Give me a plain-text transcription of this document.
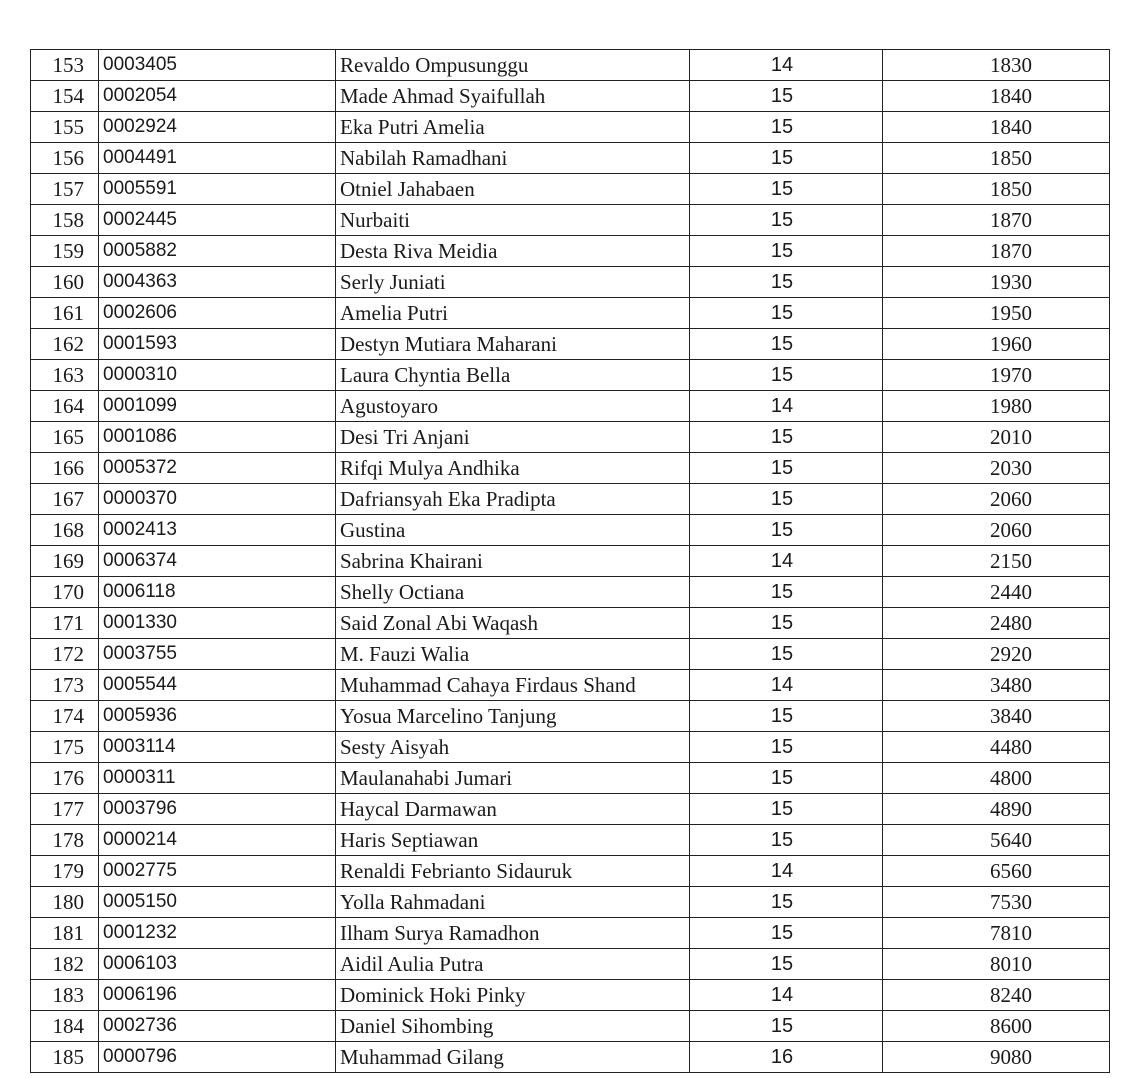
153	0003405	Revaldo Ompusunggu	14	1830
154	0002054	Made Ahmad Syaifullah	15	1840
155	0002924	Eka Putri Amelia	15	1840
156	0004491	Nabilah Ramadhani	15	1850
157	0005591	Otniel Jahabaen	15	1850
158	0002445	Nurbaiti	15	1870
159	0005882	Desta Riva Meidia	15	1870
160	0004363	Serly Juniati	15	1930
161	0002606	Amelia Putri	15	1950
162	0001593	Destyn Mutiara Maharani	15	1960
163	0000310	Laura Chyntia Bella	15	1970
164	0001099	Agustoyaro	14	1980
165	0001086	Desi Tri Anjani	15	2010
166	0005372	Rifqi Mulya Andhika	15	2030
167	0000370	Dafriansyah Eka Pradipta	15	2060
168	0002413	Gustina	15	2060
169	0006374	Sabrina Khairani	14	2150
170	0006118	Shelly Octiana	15	2440
171	0001330	Said Zonal Abi Waqash	15	2480
172	0003755	M. Fauzi Walia	15	2920
173	0005544	Muhammad Cahaya Firdaus Shand	14	3480
174	0005936	Yosua Marcelino Tanjung	15	3840
175	0003114	Sesty Aisyah	15	4480
176	0000311	Maulanahabi Jumari	15	4800
177	0003796	Haycal Darmawan	15	4890
178	0000214	Haris Septiawan	15	5640
179	0002775	Renaldi Febrianto Sidauruk	14	6560
180	0005150	Yolla Rahmadani	15	7530
181	0001232	Ilham Surya Ramadhon	15	7810
182	0006103	Aidil Aulia Putra	15	8010
183	0006196	Dominick Hoki Pinky	14	8240
184	0002736	Daniel Sihombing	15	8600
185	0000796	Muhammad Gilang	16	9080
